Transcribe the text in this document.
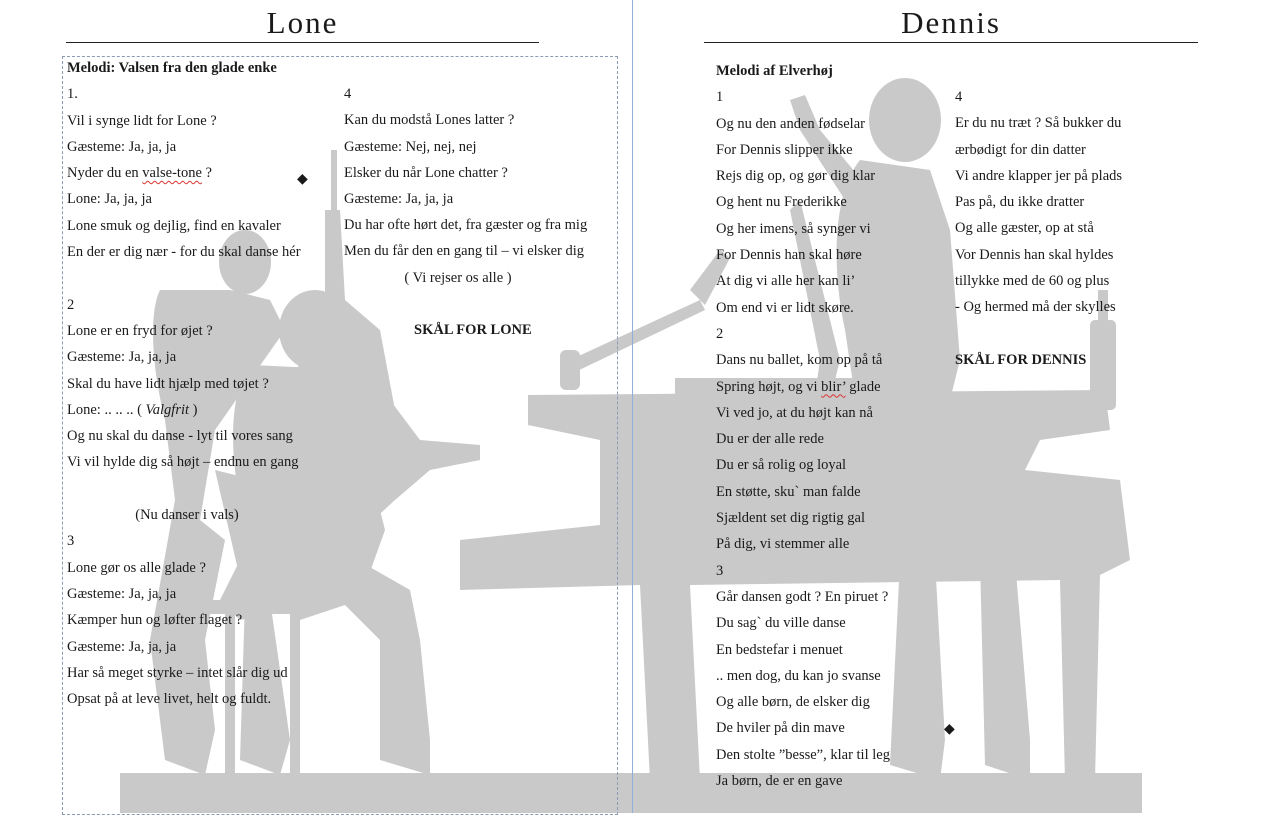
Lone
Melodi: Valsen fra den glade enke
1.
Vil i synge lidt for Lone ?
Gæsteme: Ja, ja, ja
Nyder du en valse-tone ?
Lone: Ja, ja, ja
Lone smuk og dejlig, find en kavaler
En der er dig nær - for du skal danse hér
2
Lone er en fryd for øjet ?
Gæsteme: Ja, ja, ja
Skal du have lidt hjælp med tøjet ?
Lone: .. .. .. ( Valgfrit )
Og nu skal du danse - lyt til vores sang
Vi vil hylde dig så højt – endnu en gang
(Nu danser i vals)
3
Lone gør os alle glade ?
Gæsteme: Ja, ja, ja
Kæmper hun og løfter flaget ?
Gæsteme: Ja, ja, ja
Har så meget styrke – intet slår dig ud
Opsat på at leve livet, helt og fuldt.
4
Kan du modstå Lones latter ?
Gæsteme: Nej, nej, nej
Elsker du når Lone chatter ?
Gæsteme: Ja, ja, ja
Du har ofte hørt det, fra gæster og fra mig
Men du får den en gang til – vi elsker dig
( Vi rejser os alle )
SKÅL FOR LONE
◆
Dennis
Melodi af Elverhøj
1
Og nu den anden fødselar
For Dennis slipper ikke
Rejs dig op, og gør dig klar
Og hent nu Frederikke
Og her imens, så synger vi
For Dennis han skal høre
At dig vi alle her kan li’
Om end vi er lidt skøre.
2
Dans nu ballet, kom op på tå
Spring højt, og vi blir’ glade
Vi ved jo, at du højt kan nå
Du er der alle rede
Du er så rolig og loyal
En støtte, sku` man falde
Sjældent set dig rigtig gal
På dig, vi stemmer alle
3
Går dansen godt ? En piruet ?
Du sag` du ville danse
En bedstefar i menuet
.. men dog, du kan jo svanse
Og alle børn, de elsker dig
De hviler på din mave
Den stolte ”besse”, klar til leg
Ja børn, de er en gave
4
Er du nu træt ? Så bukker du
ærbødigt for din datter
Vi andre klapper jer på plads
Pas på, du ikke dratter
Og alle gæster, op at stå
Vor Dennis han skal hyldes
tillykke med de 60 og plus
- Og hermed må der skylles
SKÅL FOR DENNIS
◆
